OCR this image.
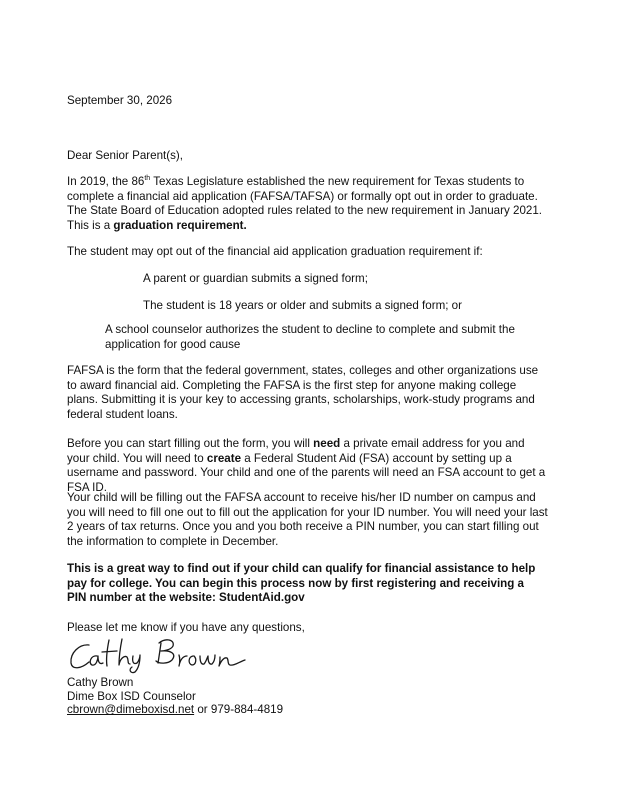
September 30, 2026

Dear Senior Parent(s),

In 2019, the 86th Texas Legislature established the new requirement for Texas students to complete a financial aid application (FAFSA/TAFSA) or formally opt out in order to graduate. The State Board of Education adopted rules related to the new requirement in January 2021. This is a graduation requirement.

The student may opt out of the financial aid application graduation requirement if:

A parent or guardian submits a signed form;

The student is 18 years or older and submits a signed form; or

A school counselor authorizes the student to decline to complete and submit the application for good cause

FAFSA is the form that the federal government, states, colleges and other organizations use to award financial aid. Completing the FAFSA is the first step for anyone making college plans. Submitting it is your key to accessing grants, scholarships, work-study programs and federal student loans.

Before you can start filling out the form, you will need a private email address for you and your child. You will need to create a Federal Student Aid (FSA) account by setting up a username and password. Your child and one of the parents will need an FSA account to get a FSA ID.

Your child will be filling out the FAFSA account to receive his/her ID number on campus and you will need to fill one out to fill out the application for your ID number. You will need your last 2 years of tax returns. Once you and you both receive a PIN number, you can start filling out the information to complete in December.

This is a great way to find out if your child can qualify for financial assistance to help pay for college. You can begin this process now by first registering and receiving a PIN number at the website: StudentAid.gov

Please let me know if you have any questions,

Cathy Brown
Dime Box ISD Counselor
cbrown@dimeboxisd.net or 979-884-4819
